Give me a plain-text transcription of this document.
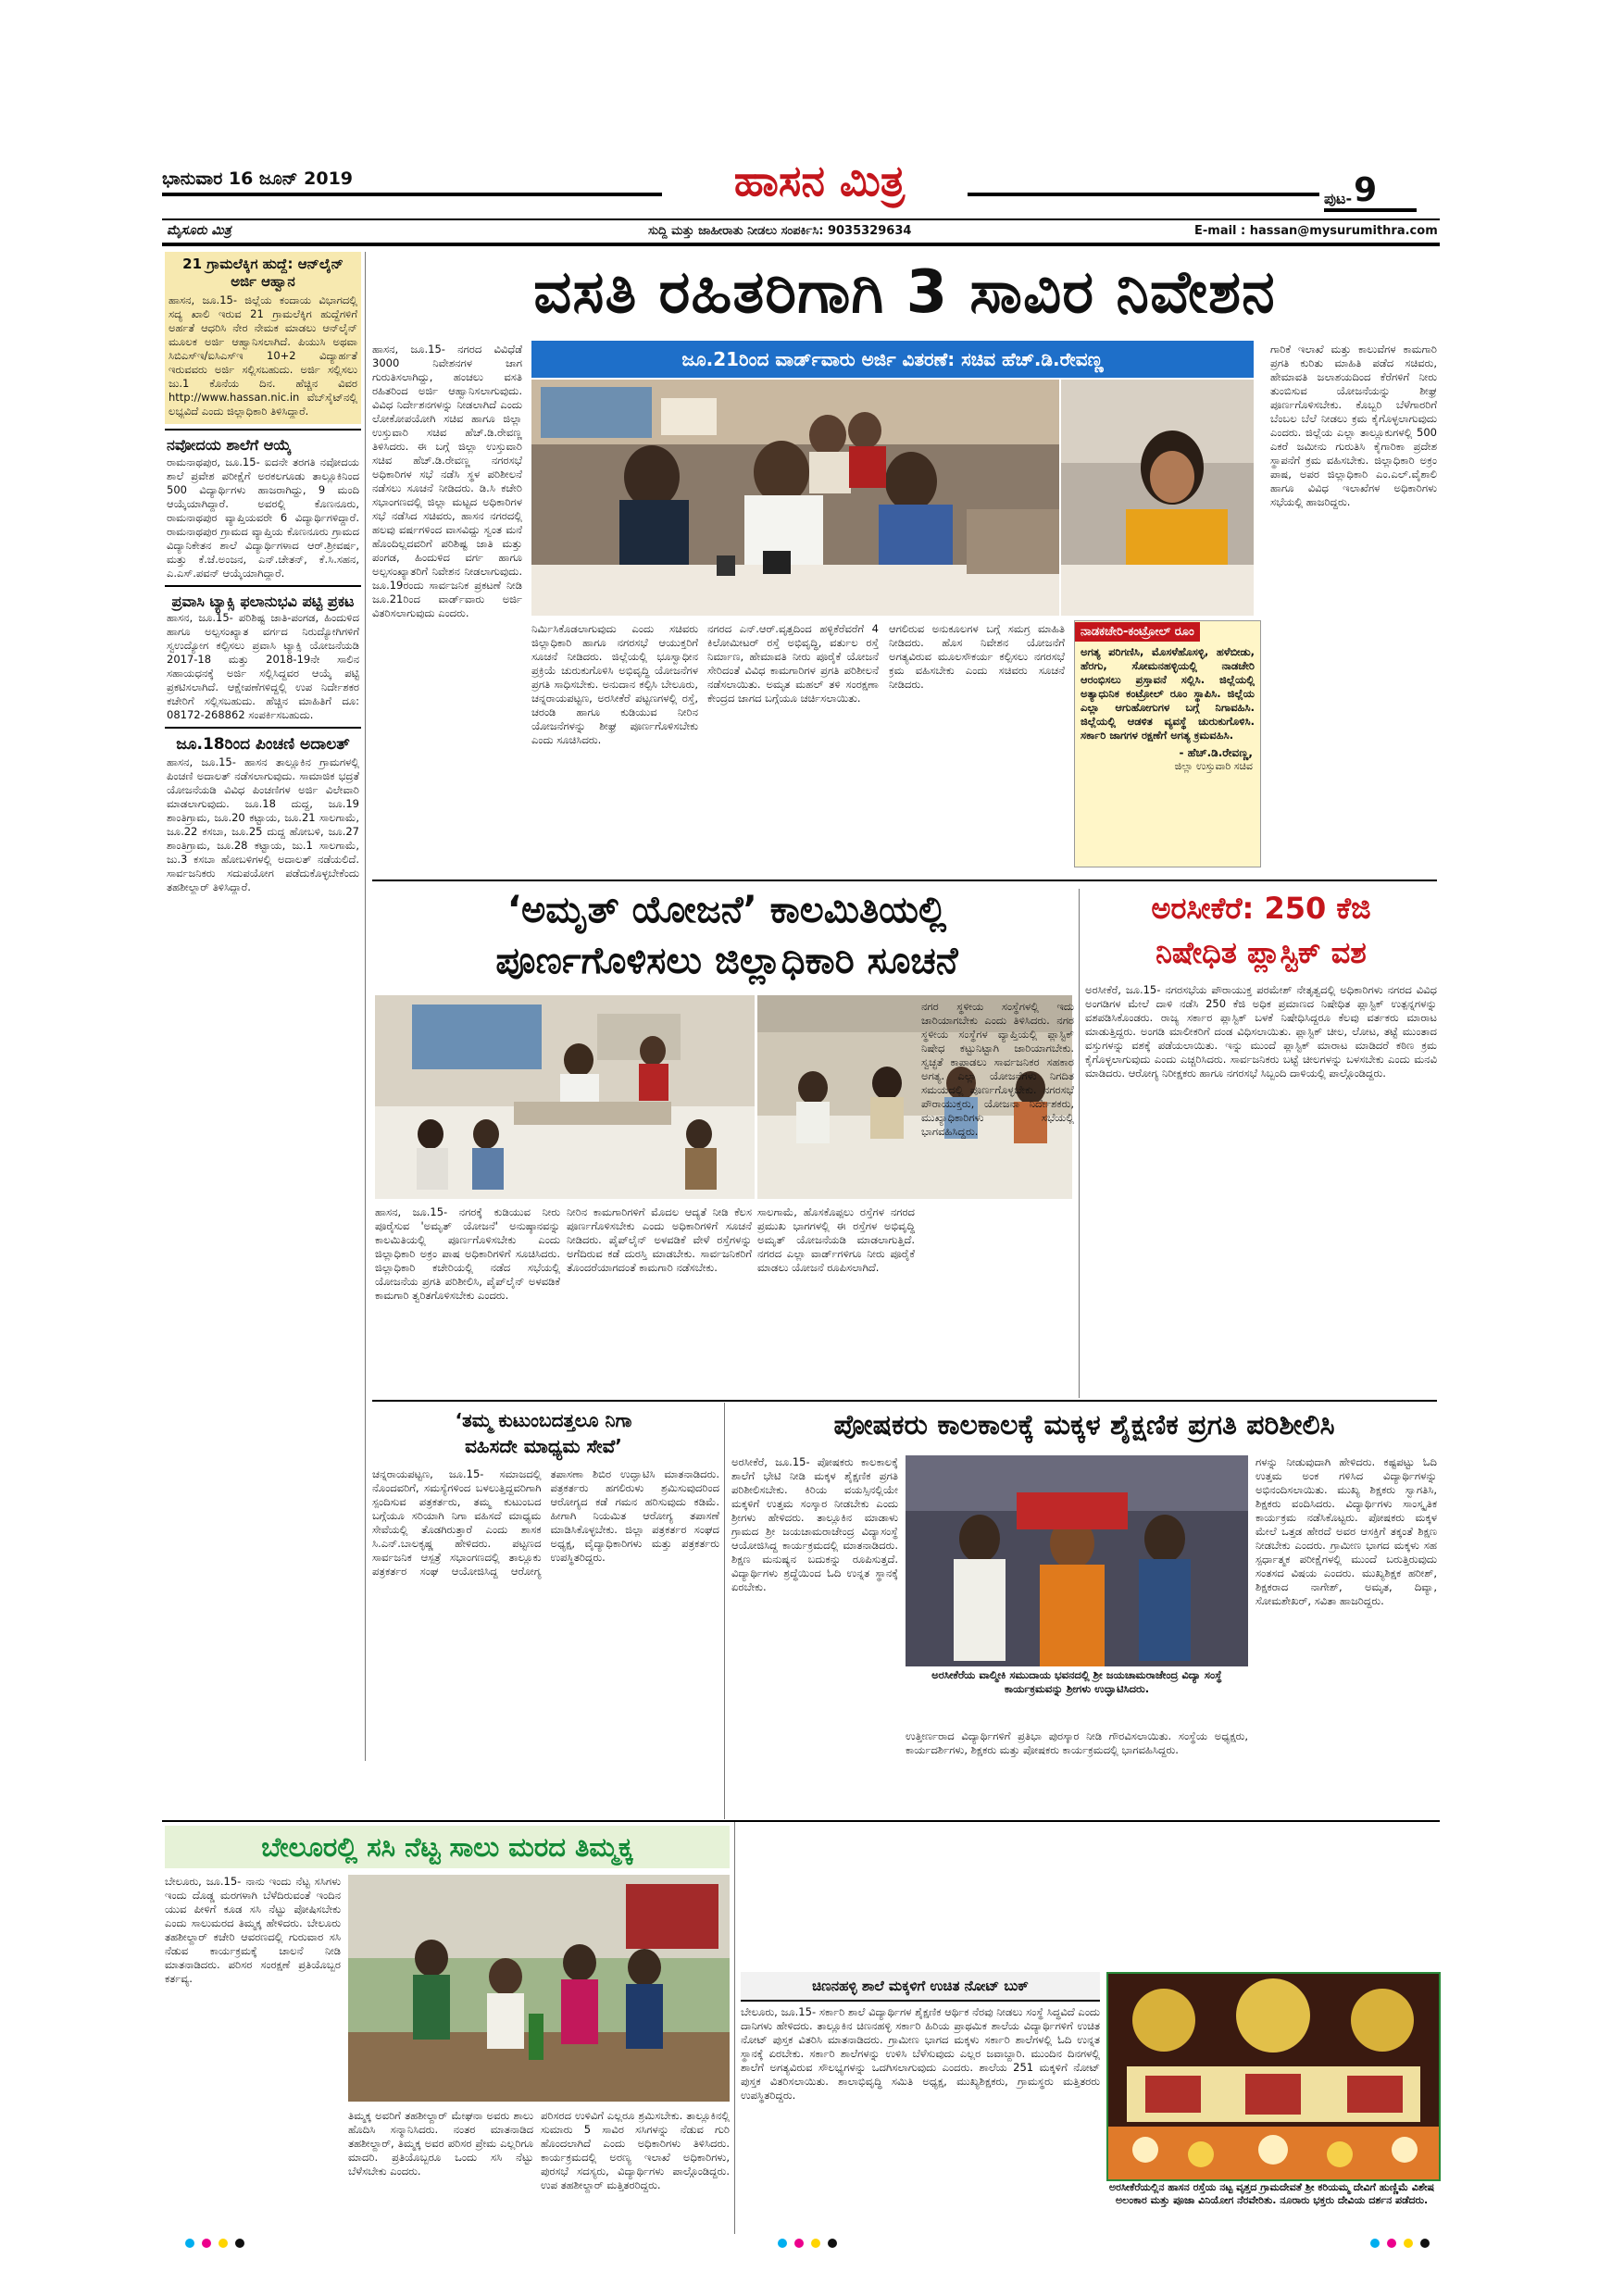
ಭಾನುವಾರ 16 ಜೂನ್ 2019	ಹಾಸನ ಮಿತ್ರ	ಪುಟ- 9
ಮೈಸೂರು ಮಿತ್ರ	ಸುದ್ದಿ ಮತ್ತು ಜಾಹೀರಾತು ನೀಡಲು ಸಂಪರ್ಕಿಸಿ: 9035329634	E-mail : hassan@mysurumithra.com
21 ಗ್ರಾಮಲೆಕ್ಕಿಗ ಹುದ್ದೆ: ಆನ್‌ಲೈನ್ ಅರ್ಜಿ ಆಹ್ವಾನ

ಹಾಸನ, ಜೂ.15- ಜಿಲ್ಲೆಯ ಕಂದಾಯ ವಿಭಾಗದಲ್ಲಿ ಸದ್ಯ ಖಾಲಿ ಇರುವ 21 ಗ್ರಾಮಲೆಕ್ಕಿಗ ಹುದ್ದೆಗಳಿಗೆ ಅರ್ಹತೆ ಆಧರಿಸಿ ನೇರ ನೇಮಕ ಮಾಡಲು ಆನ್‌ಲೈನ್ ಮೂಲಕ ಅರ್ಜಿ ಆಹ್ವಾನಿಸಲಾಗಿದೆ. ಪಿಯುಸಿ ಅಥವಾ ಸಿಬಿಎಸ್‌ಇ/ಐಸಿಎಸ್‌ಇ 10+2 ವಿದ್ಯಾರ್ಹತೆ ಇರುವವರು ಅರ್ಜಿ ಸಲ್ಲಿಸಬಹುದು. ಅರ್ಜಿ ಸಲ್ಲಿಸಲು ಜು.1 ಕೊನೆಯ ದಿನ. ಹೆಚ್ಚಿನ ವಿವರ http://www.hassan.nic.in ವೆಬ್‌ಸೈಟ್‌ನಲ್ಲಿ ಲಭ್ಯವಿದೆ ಎಂದು ಜಿಲ್ಲಾಧಿಕಾರಿ ತಿಳಿಸಿದ್ದಾರೆ.

ನವೋದಯ ಶಾಲೆಗೆ ಆಯ್ಕೆ

ರಾಮನಾಥಪುರ, ಜೂ.15- ಐದನೇ ತರಗತಿ ನವೋದಯ ಶಾಲೆ ಪ್ರವೇಶ ಪರೀಕ್ಷೆಗೆ ಅರಕಲಗೂಡು ತಾಲ್ಲೂಕಿನಿಂದ 500 ವಿದ್ಯಾರ್ಥಿಗಳು ಹಾಜರಾಗಿದ್ದು, 9 ಮಂದಿ ಆಯ್ಕೆಯಾಗಿದ್ದಾರೆ. ಅವರಲ್ಲಿ ಕೊಣನೂರು, ರಾಮನಾಥಪುರ ವ್ಯಾಪ್ತಿಯವರೇ 6 ವಿದ್ಯಾರ್ಥಿಗಳಿದ್ದಾರೆ. ರಾಮನಾಥಪುರ ಗ್ರಾಮದ ವ್ಯಾಪ್ತಿಯ ಕೊಣನೂರು ಗ್ರಾಮದ ವಿದ್ಯಾನಿಕೇತನ ಶಾಲೆ ವಿದ್ಯಾರ್ಥಿಗಳಾದ ಆರ್.ಶ್ರೀವರ್ಷ, ಮತ್ತು ಕೆ.ಜೆ.ಅಂಜನ, ಎನ್.ಚೇತನ್, ಕೆ.ಸಿ.ಸಹನ, ಎ.ಎಸ್.ಪವನ್ ಆಯ್ಕೆಯಾಗಿದ್ದಾರೆ.

ಪ್ರವಾಸಿ ಟ್ಯಾಕ್ಸಿ ಫಲಾನುಭವಿ ಪಟ್ಟಿ ಪ್ರಕಟ

ಹಾಸನ, ಜೂ.15- ಪರಿಶಿಷ್ಟ ಜಾತಿ-ಪಂಗಡ, ಹಿಂದುಳಿದ ಹಾಗೂ ಅಲ್ಪಸಂಖ್ಯಾತ ವರ್ಗದ ನಿರುದ್ಯೋಗಿಗಳಿಗೆ ಸ್ವಉದ್ಯೋಗ ಕಲ್ಪಿಸಲು ಪ್ರವಾಸಿ ಟ್ಯಾಕ್ಸಿ ಯೋಜನೆಯಡಿ 2017-18 ಮತ್ತು 2018-19ನೇ ಸಾಲಿನ ಸಹಾಯಧನಕ್ಕೆ ಅರ್ಜಿ ಸಲ್ಲಿಸಿದ್ದವರ ಆಯ್ಕೆ ಪಟ್ಟಿ ಪ್ರಕಟಿಸಲಾಗಿದೆ. ಆಕ್ಷೇಪಣೆಗಳಿದ್ದಲ್ಲಿ ಉಪ ನಿರ್ದೇಶಕರ ಕಚೇರಿಗೆ ಸಲ್ಲಿಸಬಹುದು. ಹೆಚ್ಚಿನ ಮಾಹಿತಿಗೆ ದೂ: 08172-268862 ಸಂಪರ್ಕಿಸಬಹುದು.

ಜೂ.18ರಿಂದ ಪಿಂಚಣಿ ಅದಾಲತ್

ಹಾಸನ, ಜೂ.15- ಹಾಸನ ತಾಲ್ಲೂಕಿನ ಗ್ರಾಮಗಳಲ್ಲಿ ಪಿಂಚಣಿ ಅದಾಲತ್ ನಡೆಸಲಾಗುವುದು. ಸಾಮಾಜಿಕ ಭದ್ರತೆ ಯೋಜನೆಯಡಿ ವಿವಿಧ ಪಿಂಚಣಿಗಳ ಅರ್ಜಿ ವಿಲೇವಾರಿ ಮಾಡಲಾಗುವುದು. ಜೂ.18 ದುದ್ದ, ಜೂ.19 ಶಾಂತಿಗ್ರಾಮ, ಜೂ.20 ಕಟ್ಟಾಯ, ಜೂ.21 ಸಾಲಗಾಮೆ, ಜೂ.22 ಕಸಬಾ, ಜೂ.25 ದುದ್ದ ಹೋಬಳಿ, ಜೂ.27 ಶಾಂತಿಗ್ರಾಮ, ಜೂ.28 ಕಟ್ಟಾಯ, ಜು.1 ಸಾಲಗಾಮೆ, ಜು.3 ಕಸಬಾ ಹೋಬಳಿಗಳಲ್ಲಿ ಅದಾಲತ್ ನಡೆಯಲಿದೆ. ಸಾರ್ವಜನಿಕರು ಸದುಪಯೋಗ ಪಡೆದುಕೊಳ್ಳಬೇಕೆಂದು ತಹಶೀಲ್ದಾರ್ ತಿಳಿಸಿದ್ದಾರೆ.

ವಸತಿ ರಹಿತರಿಗಾಗಿ 3 ಸಾವಿರ ನಿವೇಶನ

ಹಾಸನ, ಜೂ.15- ನಗರದ ವಿವಿಧೆಡೆ 3000 ನಿವೇಶನಗಳ ಜಾಗ ಗುರುತಿಸಲಾಗಿದ್ದು, ಹಂಚಲು ವಸತಿ ರಹಿತರಿಂದ ಅರ್ಜಿ ಆಹ್ವಾನಿಸಲಾಗುವುದು. ವಿವಿಧ ನಿರ್ದೇಶನಗಳನ್ನು ನೀಡಲಾಗಿದೆ ಎಂದು ಲೋಕೋಪಯೋಗಿ ಸಚಿವ ಹಾಗೂ ಜಿಲ್ಲಾ ಉಸ್ತುವಾರಿ ಸಚಿವ ಹೆಚ್.ಡಿ.ರೇವಣ್ಣ ತಿಳಿಸಿದರು. ಈ ಬಗ್ಗೆ ಜಿಲ್ಲಾ ಉಸ್ತುವಾರಿ ಸಚಿವ ಹೆಚ್.ಡಿ.ರೇವಣ್ಣ ನಗರಸಭೆ ಅಧಿಕಾರಿಗಳ ಸಭೆ ನಡೆಸಿ ಸ್ಥಳ ಪರಿಶೀಲನೆ ನಡೆಸಲು ಸೂಚನೆ ನೀಡಿದರು. ಡಿ.ಸಿ ಕಚೇರಿ ಸಭಾಂಗಣದಲ್ಲಿ ಜಿಲ್ಲಾ ಮಟ್ಟದ ಅಧಿಕಾರಿಗಳ ಸಭೆ ನಡೆಸಿದ ಸಚಿವರು, ಹಾಸನ ನಗರದಲ್ಲಿ ಹಲವು ವರ್ಷಗಳಿಂದ ವಾಸವಿದ್ದು ಸ್ವಂತ ಮನೆ ಹೊಂದಿಲ್ಲದವರಿಗೆ ಪರಿಶಿಷ್ಟ ಜಾತಿ ಮತ್ತು ಪಂಗಡ, ಹಿಂದುಳಿದ ವರ್ಗ ಹಾಗೂ ಅಲ್ಪಸಂಖ್ಯಾತರಿಗೆ ನಿವೇಶನ ನೀಡಲಾಗುವುದು. ಜೂ.19ರಂದು ಸಾರ್ವಜನಿಕ ಪ್ರಕಟಣೆ ನೀಡಿ ಜೂ.21ರಿಂದ ವಾರ್ಡ್‌ವಾರು ಅರ್ಜಿ ವಿತರಿಸಲಾಗುವುದು ಎಂದರು.

ಜೂ.21ರಿಂದ ವಾರ್ಡ್‌ವಾರು ಅರ್ಜಿ ವಿತರಣೆ: ಸಚಿವ ಹೆಚ್.ಡಿ.ರೇವಣ್ಣ	ಗಾರಿಕೆ ಇಲಾಖೆ ಮತ್ತು ಕಾಲುವೆಗಳ ಕಾಮಗಾರಿ ಪ್ರಗತಿ ಕುರಿತು ಮಾಹಿತಿ ಪಡೆದ ಸಚಿವರು, ಹೇಮಾವತಿ ಜಲಾಶಯದಿಂದ ಕೆರೆಗಳಿಗೆ ನೀರು ತುಂಬಿಸುವ ಯೋಜನೆಯನ್ನು ಶೀಘ್ರ ಪೂರ್ಣಗೊಳಿಸಬೇಕು. ಕೊಬ್ಬರಿ ಬೆಳೆಗಾರರಿಗೆ ಬೆಂಬಲ ಬೆಲೆ ನೀಡಲು ಕ್ರಮ ಕೈಗೊಳ್ಳಲಾಗುವುದು ಎಂದರು. ಜಿಲ್ಲೆಯ ಎಲ್ಲಾ ತಾಲ್ಲೂಕುಗಳಲ್ಲಿ 500 ಎಕರೆ ಜಮೀನು ಗುರುತಿಸಿ ಕೈಗಾರಿಕಾ ಪ್ರದೇಶ ಸ್ಥಾಪನೆಗೆ ಕ್ರಮ ವಹಿಸಬೇಕು. ಜಿಲ್ಲಾಧಿಕಾರಿ ಅಕ್ರಂ ಪಾಷ, ಅಪರ ಜಿಲ್ಲಾಧಿಕಾರಿ ಎಂ.ಎಲ್.ವೈಶಾಲಿ ಹಾಗೂ ವಿವಿಧ ಇಲಾಖೆಗಳ ಅಧಿಕಾರಿಗಳು ಸಭೆಯಲ್ಲಿ ಹಾಜರಿದ್ದರು.

ನಾಡಕಚೇರಿ-ಕಂಟ್ರೋಲ್ ರೂಂ

ಅಗತ್ಯ ಪರಿಗಣಿಸಿ, ಮೊಸಳೆಹೊಸಳ್ಳಿ, ಹಳೆಬೀಡು, ಹೆರಗು, ಸೋಮನಹಳ್ಳಿಯಲ್ಲಿ ನಾಡಚೇರಿ ಆರಂಭಿಸಲು ಪ್ರಸ್ತಾವನೆ ಸಲ್ಲಿಸಿ. ಜಿಲ್ಲೆಯಲ್ಲಿ ಅತ್ಯಾಧುನಿಕ ಕಂಟ್ರೋಲ್ ರೂಂ ಸ್ಥಾಪಿಸಿ. ಜಿಲ್ಲೆಯ ಎಲ್ಲಾ ಆಗುಹೋಗುಗಳ ಬಗ್ಗೆ ನಿಗಾವಹಿಸಿ. ಜಿಲ್ಲೆಯಲ್ಲಿ ಆಡಳಿತ ವ್ಯವಸ್ಥೆ ಚುರುಕುಗೊಳಿಸಿ. ಸರ್ಕಾರಿ ಜಾಗಗಳ ರಕ್ಷಣೆಗೆ ಅಗತ್ಯ ಕ್ರಮವಹಿಸಿ.

- ಹೆಚ್.ಡಿ.ರೇವಣ್ಣ,
ಜಿಲ್ಲಾ ಉಸ್ತುವಾರಿ ಸಚಿವ

ನಿರ್ಮಿಸಿಕೊಡಲಾಗುವುದು ಎಂದು ಸಚಿವರು ಜಿಲ್ಲಾಧಿಕಾರಿ ಹಾಗೂ ನಗರಸಭೆ ಆಯುಕ್ತರಿಗೆ ಸೂಚನೆ ನೀಡಿದರು. ಜಿಲ್ಲೆಯಲ್ಲಿ ಭೂಸ್ವಾಧೀನ ಪ್ರಕ್ರಿಯೆ ಚುರುಕುಗೊಳಿಸಿ ಅಭಿವೃದ್ಧಿ ಯೋಜನೆಗಳ ಪ್ರಗತಿ ಸಾಧಿಸಬೇಕು. ಅನುದಾನ ಕಲ್ಪಿಸಿ ಬೇಲೂರು, ಚನ್ನರಾಯಪಟ್ಟಣ, ಅರಸೀಕೆರೆ ಪಟ್ಟಣಗಳಲ್ಲಿ ರಸ್ತೆ, ಚರಂಡಿ ಹಾಗೂ ಕುಡಿಯುವ ನೀರಿನ ಯೋಜನೆಗಳನ್ನು ಶೀಘ್ರ ಪೂರ್ಣಗೊಳಿಸಬೇಕು ಎಂದು ಸೂಚಿಸಿದರು.

ನಗರದ ಎನ್.ಆರ್.ವೃತ್ತದಿಂದ ಹಳ್ಳಿಕೆರೆವರೆಗೆ 4 ಕಿಲೋಮೀಟರ್ ರಸ್ತೆ ಅಭಿವೃದ್ಧಿ, ವರ್ತುಲ ರಸ್ತೆ ನಿರ್ಮಾಣ, ಹೇಮಾವತಿ ನೀರು ಪೂರೈಕೆ ಯೋಜನೆ ಸೇರಿದಂತೆ ವಿವಿಧ ಕಾಮಗಾರಿಗಳ ಪ್ರಗತಿ ಪರಿಶೀಲನೆ ನಡೆಸಲಾಯಿತು. ಅಮೃತ ಮಹಲ್ ತಳಿ ಸಂರಕ್ಷಣಾ ಕೇಂದ್ರದ ಜಾಗದ ಬಗ್ಗೆಯೂ ಚರ್ಚಿಸಲಾಯಿತು.

ಆಗಲಿರುವ ಅನುಕೂಲಗಳ ಬಗ್ಗೆ ಸಮಗ್ರ ಮಾಹಿತಿ ನೀಡಿದರು. ಹೊಸ ನಿವೇಶನ ಯೋಜನೆಗೆ ಅಗತ್ಯವಿರುವ ಮೂಲಸೌಕರ್ಯ ಕಲ್ಪಿಸಲು ನಗರಸಭೆ ಕ್ರಮ ವಹಿಸಬೇಕು ಎಂದು ಸಚಿವರು ಸೂಚನೆ ನೀಡಿದರು.

‘ಅಮೃತ್ ಯೋಜನೆ’ ಕಾಲಮಿತಿಯಲ್ಲಿ
ಪೂರ್ಣಗೊಳಿಸಲು ಜಿಲ್ಲಾಧಿಕಾರಿ ಸೂಚನೆ

ಹಾಸನ, ಜೂ.15- ನಗರಕ್ಕೆ ಕುಡಿಯುವ ನೀರು ಪೂರೈಸುವ 'ಅಮೃತ್ ಯೋಜನೆ' ಅನುಷ್ಠಾನವನ್ನು ಕಾಲಮಿತಿಯಲ್ಲಿ ಪೂರ್ಣಗೊಳಿಸಬೇಕು ಎಂದು ಜಿಲ್ಲಾಧಿಕಾರಿ ಅಕ್ರಂ ಪಾಷ ಅಧಿಕಾರಿಗಳಿಗೆ ಸೂಚಿಸಿದರು. ಜಿಲ್ಲಾಧಿಕಾರಿ ಕಚೇರಿಯಲ್ಲಿ ನಡೆದ ಸಭೆಯಲ್ಲಿ ಯೋಜನೆಯ ಪ್ರಗತಿ ಪರಿಶೀಲಿಸಿ, ಪೈಪ್‌ಲೈನ್ ಅಳವಡಿಕೆ ಕಾಮಗಾರಿ ತ್ವರಿತಗೊಳಿಸಬೇಕು ಎಂದರು.

ನೀರಿನ ಕಾಮಗಾರಿಗಳಿಗೆ ಮೊದಲ ಆದ್ಯತೆ ನೀಡಿ ಕೆಲಸ ಪೂರ್ಣಗೊಳಿಸಬೇಕು ಎಂದು ಅಧಿಕಾರಿಗಳಿಗೆ ಸೂಚನೆ ನೀಡಿದರು. ಪೈಪ್‌ಲೈನ್ ಅಳವಡಿಕೆ ವೇಳೆ ರಸ್ತೆಗಳನ್ನು ಅಗೆದಿರುವ ಕಡೆ ದುರಸ್ತಿ ಮಾಡಬೇಕು. ಸಾರ್ವಜನಿಕರಿಗೆ ತೊಂದರೆಯಾಗದಂತೆ ಕಾಮಗಾರಿ ನಡೆಸಬೇಕು.

ಸಾಲಗಾಮೆ, ಹೊಸಕೊಪ್ಪಲು ರಸ್ತೆಗಳ ನಗರದ ಪ್ರಮುಖ ಭಾಗಗಳಲ್ಲಿ ಈ ರಸ್ತೆಗಳ ಅಭಿವೃದ್ಧಿ ಅಮೃತ್ ಯೋಜನೆಯಡಿ ಮಾಡಲಾಗುತ್ತಿದೆ. ನಗರದ ಎಲ್ಲಾ ವಾರ್ಡ್‌ಗಳಿಗೂ ನೀರು ಪೂರೈಕೆ ಮಾಡಲು ಯೋಜನೆ ರೂಪಿಸಲಾಗಿದೆ.

ನಗರ ಸ್ಥಳೀಯ ಸಂಸ್ಥೆಗಳಲ್ಲಿ ಇದು ಜಾರಿಯಾಗಬೇಕು ಎಂದು ತಿಳಿಸಿದರು. ನಗರ ಸ್ಥಳೀಯ ಸಂಸ್ಥೆಗಳ ವ್ಯಾಪ್ತಿಯಲ್ಲಿ ಪ್ಲಾಸ್ಟಿಕ್ ನಿಷೇಧ ಕಟ್ಟುನಿಟ್ಟಾಗಿ ಜಾರಿಯಾಗಬೇಕು. ಸ್ವಚ್ಛತೆ ಕಾಪಾಡಲು ಸಾರ್ವಜನಿಕರ ಸಹಕಾರ ಅಗತ್ಯ. ಎಲ್ಲಾ ಯೋಜನೆಗಳು ನಿಗದಿತ ಸಮಯದಲ್ಲಿ ಪೂರ್ಣಗೊಳ್ಳಬೇಕು. ನಗರಸಭೆ ಪೌರಾಯುಕ್ತರು, ಯೋಜನಾ ನಿರ್ದೇಶಕರು, ಮುಖ್ಯಾಧಿಕಾರಿಗಳು ಸಭೆಯಲ್ಲಿ ಭಾಗವಹಿಸಿದ್ದರು.

ಅರಸೀಕೆರೆ: 250 ಕೆಜಿ
ನಿಷೇಧಿತ ಪ್ಲಾಸ್ಟಿಕ್ ವಶ

ಅರಸೀಕೆರೆ, ಜೂ.15- ನಗರಸಭೆಯ ಪೌರಾಯುಕ್ತ ಪರಮೇಶ್ ನೇತೃತ್ವದಲ್ಲಿ ಅಧಿಕಾರಿಗಳು ನಗರದ ವಿವಿಧ ಅಂಗಡಿಗಳ ಮೇಲೆ ದಾಳಿ ನಡೆಸಿ 250 ಕೆಜಿ ಅಧಿಕ ಪ್ರಮಾಣದ ನಿಷೇಧಿತ ಪ್ಲಾಸ್ಟಿಕ್ ಉತ್ಪನ್ನಗಳನ್ನು ವಶಪಡಿಸಿಕೊಂಡರು. ರಾಜ್ಯ ಸರ್ಕಾರ ಪ್ಲಾಸ್ಟಿಕ್ ಬಳಕೆ ನಿಷೇಧಿಸಿದ್ದರೂ ಕೆಲವು ವರ್ತಕರು ಮಾರಾಟ ಮಾಡುತ್ತಿದ್ದರು. ಅಂಗಡಿ ಮಾಲೀಕರಿಗೆ ದಂಡ ವಿಧಿಸಲಾಯಿತು. ಪ್ಲಾಸ್ಟಿಕ್ ಚೀಲ, ಲೋಟ, ತಟ್ಟೆ ಮುಂತಾದ ವಸ್ತುಗಳನ್ನು ವಶಕ್ಕೆ ಪಡೆಯಲಾಯಿತು. ಇನ್ನು ಮುಂದೆ ಪ್ಲಾಸ್ಟಿಕ್ ಮಾರಾಟ ಮಾಡಿದರೆ ಕಠಿಣ ಕ್ರಮ ಕೈಗೊಳ್ಳಲಾಗುವುದು ಎಂದು ಎಚ್ಚರಿಸಿದರು. ಸಾರ್ವಜನಿಕರು ಬಟ್ಟೆ ಚೀಲಗಳನ್ನು ಬಳಸಬೇಕು ಎಂದು ಮನವಿ ಮಾಡಿದರು. ಆರೋಗ್ಯ ನಿರೀಕ್ಷಕರು ಹಾಗೂ ನಗರಸಭೆ ಸಿಬ್ಬಂದಿ ದಾಳಿಯಲ್ಲಿ ಪಾಲ್ಗೊಂಡಿದ್ದರು.

‘ತಮ್ಮ ಕುಟುಂಬದತ್ತಲೂ ನಿಗಾ
ವಹಿಸದೇ ಮಾಧ್ಯಮ ಸೇವೆ’

ಚನ್ನರಾಯಪಟ್ಟಣ, ಜೂ.15- ಸಮಾಜದಲ್ಲಿ ನೊಂದವರಿಗೆ, ಸಮಸ್ಯೆಗಳಿಂದ ಬಳಲುತ್ತಿದ್ದವರಿಗಾಗಿ ಸ್ಪಂದಿಸುವ ಪತ್ರಕರ್ತರು, ತಮ್ಮ ಕುಟುಂಬದ ಬಗ್ಗೆಯೂ ಸರಿಯಾಗಿ ನಿಗಾ ವಹಿಸದೆ ಮಾಧ್ಯಮ ಸೇವೆಯಲ್ಲಿ ತೊಡಗಿರುತ್ತಾರೆ ಎಂದು ಶಾಸಕ ಸಿ.ಎನ್.ಬಾಲಕೃಷ್ಣ ಹೇಳಿದರು. ಪಟ್ಟಣದ ಸಾರ್ವಜನಿಕ ಆಸ್ಪತ್ರೆ ಸಭಾಂಗಣದಲ್ಲಿ ತಾಲ್ಲೂಕು ಪತ್ರಕರ್ತರ ಸಂಘ ಆಯೋಜಿಸಿದ್ದ ಆರೋಗ್ಯ ತಪಾಸಣಾ ಶಿಬಿರ ಉದ್ಘಾಟಿಸಿ ಮಾತನಾಡಿದರು. ಪತ್ರಕರ್ತರು ಹಗಲಿರುಳು ಶ್ರಮಿಸುವುದರಿಂದ ಆರೋಗ್ಯದ ಕಡೆ ಗಮನ ಹರಿಸುವುದು ಕಡಿಮೆ. ಹೀಗಾಗಿ ನಿಯಮಿತ ಆರೋಗ್ಯ ತಪಾಸಣೆ ಮಾಡಿಸಿಕೊಳ್ಳಬೇಕು. ಜಿಲ್ಲಾ ಪತ್ರಕರ್ತರ ಸಂಘದ ಅಧ್ಯಕ್ಷ, ವೈದ್ಯಾಧಿಕಾರಿಗಳು ಮತ್ತು ಪತ್ರಕರ್ತರು ಉಪಸ್ಥಿತರಿದ್ದರು.

ಪೋಷಕರು ಕಾಲಕಾಲಕ್ಕೆ ಮಕ್ಕಳ ಶೈಕ್ಷಣಿಕ ಪ್ರಗತಿ ಪರಿಶೀಲಿಸಿ

ಅರಸೀಕೆರೆ, ಜೂ.15- ಪೋಷಕರು ಕಾಲಕಾಲಕ್ಕೆ ಶಾಲೆಗೆ ಭೇಟಿ ನೀಡಿ ಮಕ್ಕಳ ಶೈಕ್ಷಣಿಕ ಪ್ರಗತಿ ಪರಿಶೀಲಿಸಬೇಕು. ಕಿರಿಯ ವಯಸ್ಸಿನಲ್ಲಿಯೇ ಮಕ್ಕಳಿಗೆ ಉತ್ತಮ ಸಂಸ್ಕಾರ ನೀಡಬೇಕು ಎಂದು ಶ್ರೀಗಳು ಹೇಳಿದರು. ತಾಲ್ಲೂಕಿನ ಮಾಡಾಳು ಗ್ರಾಮದ ಶ್ರೀ ಜಯಚಾಮರಾಜೇಂದ್ರ ವಿದ್ಯಾಸಂಸ್ಥೆ ಆಯೋಜಿಸಿದ್ದ ಕಾರ್ಯಕ್ರಮದಲ್ಲಿ ಮಾತನಾಡಿದರು. ಶಿಕ್ಷಣ ಮನುಷ್ಯನ ಬದುಕನ್ನು ರೂಪಿಸುತ್ತದೆ. ವಿದ್ಯಾರ್ಥಿಗಳು ಶ್ರದ್ಧೆಯಿಂದ ಓದಿ ಉನ್ನತ ಸ್ಥಾನಕ್ಕೆ ಏರಬೇಕು.

ಅರಸೀಕೆರೆಯ ವಾಲ್ಮೀಕಿ ಸಮುದಾಯ ಭವನದಲ್ಲಿ ಶ್ರೀ ಜಯಚಾಮರಾಜೇಂದ್ರ ವಿದ್ಯಾ ಸಂಸ್ಥೆ ಕಾರ್ಯಕ್ರಮವನ್ನು ಶ್ರೀಗಳು ಉದ್ಘಾಟಿಸಿದರು.

ಉತ್ತೀರ್ಣರಾದ ವಿದ್ಯಾರ್ಥಿಗಳಿಗೆ ಪ್ರತಿಭಾ ಪುರಸ್ಕಾರ ನೀಡಿ ಗೌರವಿಸಲಾಯಿತು. ಸಂಸ್ಥೆಯ ಅಧ್ಯಕ್ಷರು, ಕಾರ್ಯದರ್ಶಿಗಳು, ಶಿಕ್ಷಕರು ಮತ್ತು ಪೋಷಕರು ಕಾರ್ಯಕ್ರಮದಲ್ಲಿ ಭಾಗವಹಿಸಿದ್ದರು.

ಗಳನ್ನು ನೀಡುವುದಾಗಿ ಹೇಳಿದರು. ಕಷ್ಟಪಟ್ಟು ಓದಿ ಉತ್ತಮ ಅಂಕ ಗಳಿಸಿದ ವಿದ್ಯಾರ್ಥಿಗಳನ್ನು ಅಭಿನಂದಿಸಲಾಯಿತು. ಮುಖ್ಯ ಶಿಕ್ಷಕರು ಸ್ವಾಗತಿಸಿ, ಶಿಕ್ಷಕರು ವಂದಿಸಿದರು. ವಿದ್ಯಾರ್ಥಿಗಳು ಸಾಂಸ್ಕೃತಿಕ ಕಾರ್ಯಕ್ರಮ ನಡೆಸಿಕೊಟ್ಟರು. ಪೋಷಕರು ಮಕ್ಕಳ ಮೇಲೆ ಒತ್ತಡ ಹೇರದೆ ಅವರ ಆಸಕ್ತಿಗೆ ತಕ್ಕಂತೆ ಶಿಕ್ಷಣ ನೀಡಬೇಕು ಎಂದರು. ಗ್ರಾಮೀಣ ಭಾಗದ ಮಕ್ಕಳು ಸಹ ಸ್ಪರ್ಧಾತ್ಮಕ ಪರೀಕ್ಷೆಗಳಲ್ಲಿ ಮುಂದೆ ಬರುತ್ತಿರುವುದು ಸಂತಸದ ವಿಷಯ ಎಂದರು. ಮುಖ್ಯಶಿಕ್ಷಕ ಹರೀಶ್, ಶಿಕ್ಷಕರಾದ ನಾಗೇಶ್, ಅಮೃತ, ದಿವ್ಯಾ, ಸೋಮಶೇಖರ್, ಸವಿತಾ ಹಾಜರಿದ್ದರು.

ಬೇಲೂರಲ್ಲಿ ಸಸಿ ನೆಟ್ಟ ಸಾಲು ಮರದ ತಿಮ್ಮಕ್ಕ

ಬೇಲೂರು, ಜೂ.15- ನಾನು ಇಂದು ನೆಟ್ಟ ಸಸಿಗಳು ಇಂದು ದೊಡ್ಡ ಮರಗಳಾಗಿ ಬೆಳೆದಿರುವಂತೆ ಇಂದಿನ ಯುವ ಪೀಳಿಗೆ ಕೂಡ ಸಸಿ ನೆಟ್ಟು ಪೋಷಿಸಬೇಕು ಎಂದು ಸಾಲುಮರದ ತಿಮ್ಮಕ್ಕ ಹೇಳಿದರು. ಬೇಲೂರು ತಹಶೀಲ್ದಾರ್ ಕಚೇರಿ ಆವರಣದಲ್ಲಿ ಗುರುವಾರ ಸಸಿ ನೆಡುವ ಕಾರ್ಯಕ್ರಮಕ್ಕೆ ಚಾಲನೆ ನೀಡಿ ಮಾತನಾಡಿದರು. ಪರಿಸರ ಸಂರಕ್ಷಣೆ ಪ್ರತಿಯೊಬ್ಬರ ಕರ್ತವ್ಯ.

ತಿಮ್ಮಕ್ಕ ಅವರಿಗೆ ತಹಶೀಲ್ದಾರ್ ಮೇಘನಾ ಅವರು ಶಾಲು ಹೊದಿಸಿ ಸನ್ಮಾನಿಸಿದರು. ನಂತರ ಮಾತನಾಡಿದ ತಹಶೀಲ್ದಾರ್, ತಿಮ್ಮಕ್ಕ ಅವರ ಪರಿಸರ ಪ್ರೇಮ ಎಲ್ಲರಿಗೂ ಮಾದರಿ. ಪ್ರತಿಯೊಬ್ಬರೂ ಒಂದು ಸಸಿ ನೆಟ್ಟು ಬೆಳೆಸಬೇಕು ಎಂದರು.

ಪರಿಸರದ ಉಳಿವಿಗೆ ಎಲ್ಲರೂ ಶ್ರಮಿಸಬೇಕು. ತಾಲ್ಲೂಕಿನಲ್ಲಿ ಸುಮಾರು 5 ಸಾವಿರ ಸಸಿಗಳನ್ನು ನೆಡುವ ಗುರಿ ಹೊಂದಲಾಗಿದೆ ಎಂದು ಅಧಿಕಾರಿಗಳು ತಿಳಿಸಿದರು. ಕಾರ್ಯಕ್ರಮದಲ್ಲಿ ಅರಣ್ಯ ಇಲಾಖೆ ಅಧಿಕಾರಿಗಳು, ಪುರಸಭೆ ಸದಸ್ಯರು, ವಿದ್ಯಾರ್ಥಿಗಳು ಪಾಲ್ಗೊಂಡಿದ್ದರು. ಉಪ ತಹಶೀಲ್ದಾರ್ ಮತ್ತಿತರರಿದ್ದರು.

ಚಿಣನಹಳ್ಳಿ ಶಾಲೆ ಮಕ್ಕಳಿಗೆ ಉಚಿತ ನೋಟ್ ಬುಕ್

ಬೇಲೂರು, ಜೂ.15- ಸರ್ಕಾರಿ ಶಾಲೆ ವಿದ್ಯಾರ್ಥಿಗಳ ಶೈಕ್ಷಣಿಕ ಆರ್ಥಿಕ ನೆರವು ನೀಡಲು ಸಂಸ್ಥೆ ಸಿದ್ಧವಿದೆ ಎಂದು ದಾನಿಗಳು ಹೇಳಿದರು. ತಾಲ್ಲೂಕಿನ ಚಿಣನಹಳ್ಳಿ ಸರ್ಕಾರಿ ಹಿರಿಯ ಪ್ರಾಥಮಿಕ ಶಾಲೆಯ ವಿದ್ಯಾರ್ಥಿಗಳಿಗೆ ಉಚಿತ ನೋಟ್ ಪುಸ್ತಕ ವಿತರಿಸಿ ಮಾತನಾಡಿದರು. ಗ್ರಾಮೀಣ ಭಾಗದ ಮಕ್ಕಳು ಸರ್ಕಾರಿ ಶಾಲೆಗಳಲ್ಲಿ ಓದಿ ಉನ್ನತ ಸ್ಥಾನಕ್ಕೆ ಏರಬೇಕು. ಸರ್ಕಾರಿ ಶಾಲೆಗಳನ್ನು ಉಳಿಸಿ ಬೆಳೆಸುವುದು ಎಲ್ಲರ ಜವಾಬ್ದಾರಿ. ಮುಂದಿನ ದಿನಗಳಲ್ಲಿ ಶಾಲೆಗೆ ಅಗತ್ಯವಿರುವ ಸೌಲಭ್ಯಗಳನ್ನು ಒದಗಿಸಲಾಗುವುದು ಎಂದರು. ಶಾಲೆಯ 251 ಮಕ್ಕಳಿಗೆ ನೋಟ್ ಪುಸ್ತಕ ವಿತರಿಸಲಾಯಿತು. ಶಾಲಾಭಿವೃದ್ಧಿ ಸಮಿತಿ ಅಧ್ಯಕ್ಷ, ಮುಖ್ಯಶಿಕ್ಷಕರು, ಗ್ರಾಮಸ್ಥರು ಮತ್ತಿತರರು ಉಪಸ್ಥಿತರಿದ್ದರು.

ಅರಸೀಕೆರೆಯಲ್ಲಿನ ಹಾಸನ ರಸ್ತೆಯ ನಟ್ಟ ವೃತ್ತದ ಗ್ರಾಮದೇವತೆ ಶ್ರೀ ಕರಿಯಮ್ಮ ದೇವಿಗೆ ಹುಣ್ಣಿಮೆ ವಿಶೇಷ ಅಲಂಕಾರ ಮತ್ತು ಪೂಜಾ ವಿನಿಯೋಗ ನೆರವೇರಿತು. ನೂರಾರು ಭಕ್ತರು ದೇವಿಯ ದರ್ಶನ ಪಡೆದರು.
